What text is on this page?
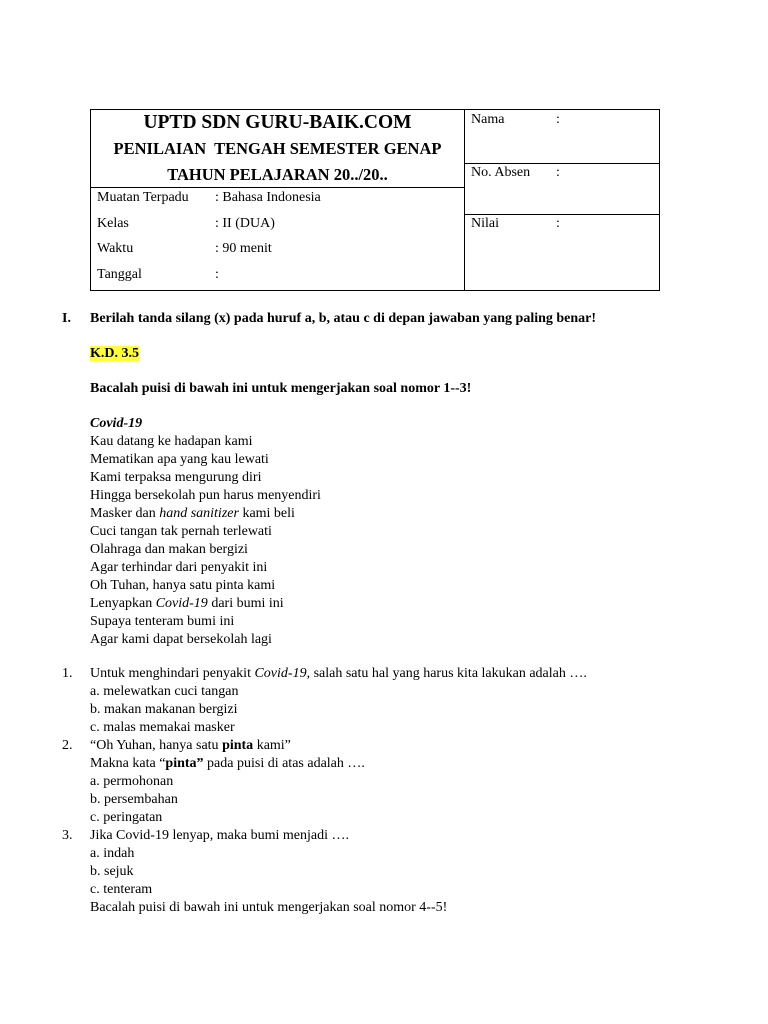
UPTD SDN GURU-BAIK.COM
PENILAIAN  TENGAH SEMESTER GENAP
TAHUN PELAJARAN 20../20..
Muatan Terpadu : Bahasa Indonesia
Kelas	: II (DUA)
Waktu	: 90 menit
Tanggal	:
Nama	:
No. Absen :
Nilai	:
I. Berilah tanda silang (x) pada huruf a, b, atau c di depan jawaban yang paling benar!
K.D. 3.5
Bacalah puisi di bawah ini untuk mengerjakan soal nomor 1--3!
Covid-19
Kau datang ke hadapan kami
Mematikan apa yang kau lewati
Kami terpaksa mengurung diri
Hingga bersekolah pun harus menyendiri
Masker dan hand sanitizer kami beli
Cuci tangan tak pernah terlewati
Olahraga dan makan bergizi
Agar terhindar dari penyakit ini
Oh Tuhan, hanya satu pinta kami
Lenyapkan Covid-19 dari bumi ini
Supaya tenteram bumi ini
Agar kami dapat bersekolah lagi
1. Untuk menghindari penyakit Covid-19, salah satu hal yang harus kita lakukan adalah ….
a. melewatkan cuci tangan
b. makan makanan bergizi
c. malas memakai masker
2. “Oh Yuhan, hanya satu pinta kami”
Makna kata “pinta” pada puisi di atas adalah ….
a. permohonan
b. persembahan
c. peringatan
3. Jika Covid-19 lenyap, maka bumi menjadi ….
a. indah
b. sejuk
c. tenteram
Bacalah puisi di bawah ini untuk mengerjakan soal nomor 4--5!
